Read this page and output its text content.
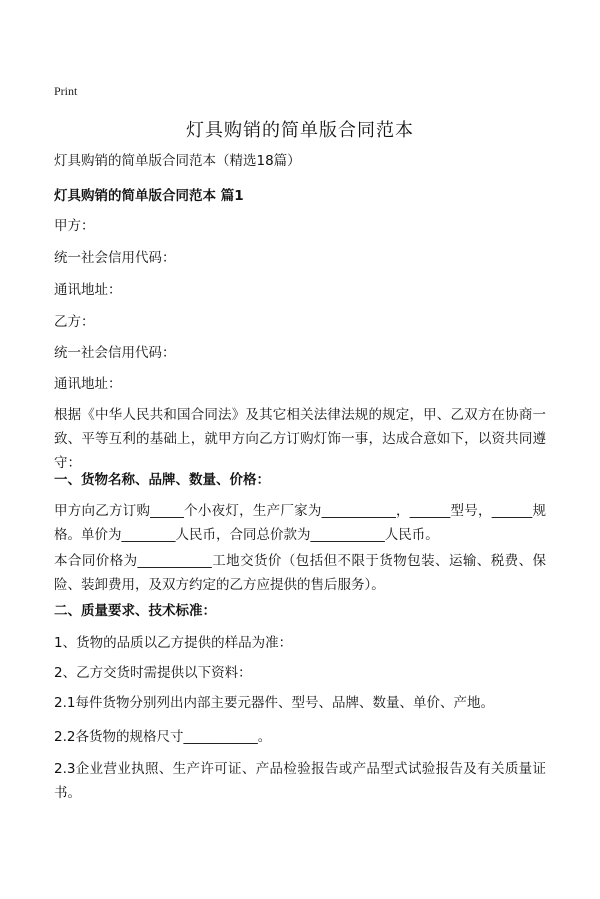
Print
灯具购销的简单版合同范本
灯具购销的简单版合同范本（精选18篇）
灯具购销的简单版合同范本 篇1
甲方：
统一社会信用代码：
通讯地址：
乙方：
统一社会信用代码：
通讯地址：
根据《中华人民共和国合同法》及其它相关法律法规的规定，甲、乙双方在协商一致、平等互利的基础上，就甲方向乙方订购灯饰一事，达成合意如下，以资共同遵守：
一、货物名称、品牌、数量、价格：
甲方向乙方订购_____个小夜灯，生产厂家为___________，______型号，______规格。单价为________人民币，合同总价款为___________人民币。
本合同价格为___________工地交货价（包括但不限于货物包装、运输、税费、保险、装卸费用，及双方约定的乙方应提供的售后服务）。
二、质量要求、技术标准：
1、货物的品质以乙方提供的样品为准：
2、乙方交货时需提供以下资料：
2.1每件货物分别列出内部主要元器件、型号、品牌、数量、单价、产地。
2.2各货物的规格尺寸___________。
2.3企业营业执照、生产许可证、产品检验报告或产品型式试验报告及有关质量证书。
